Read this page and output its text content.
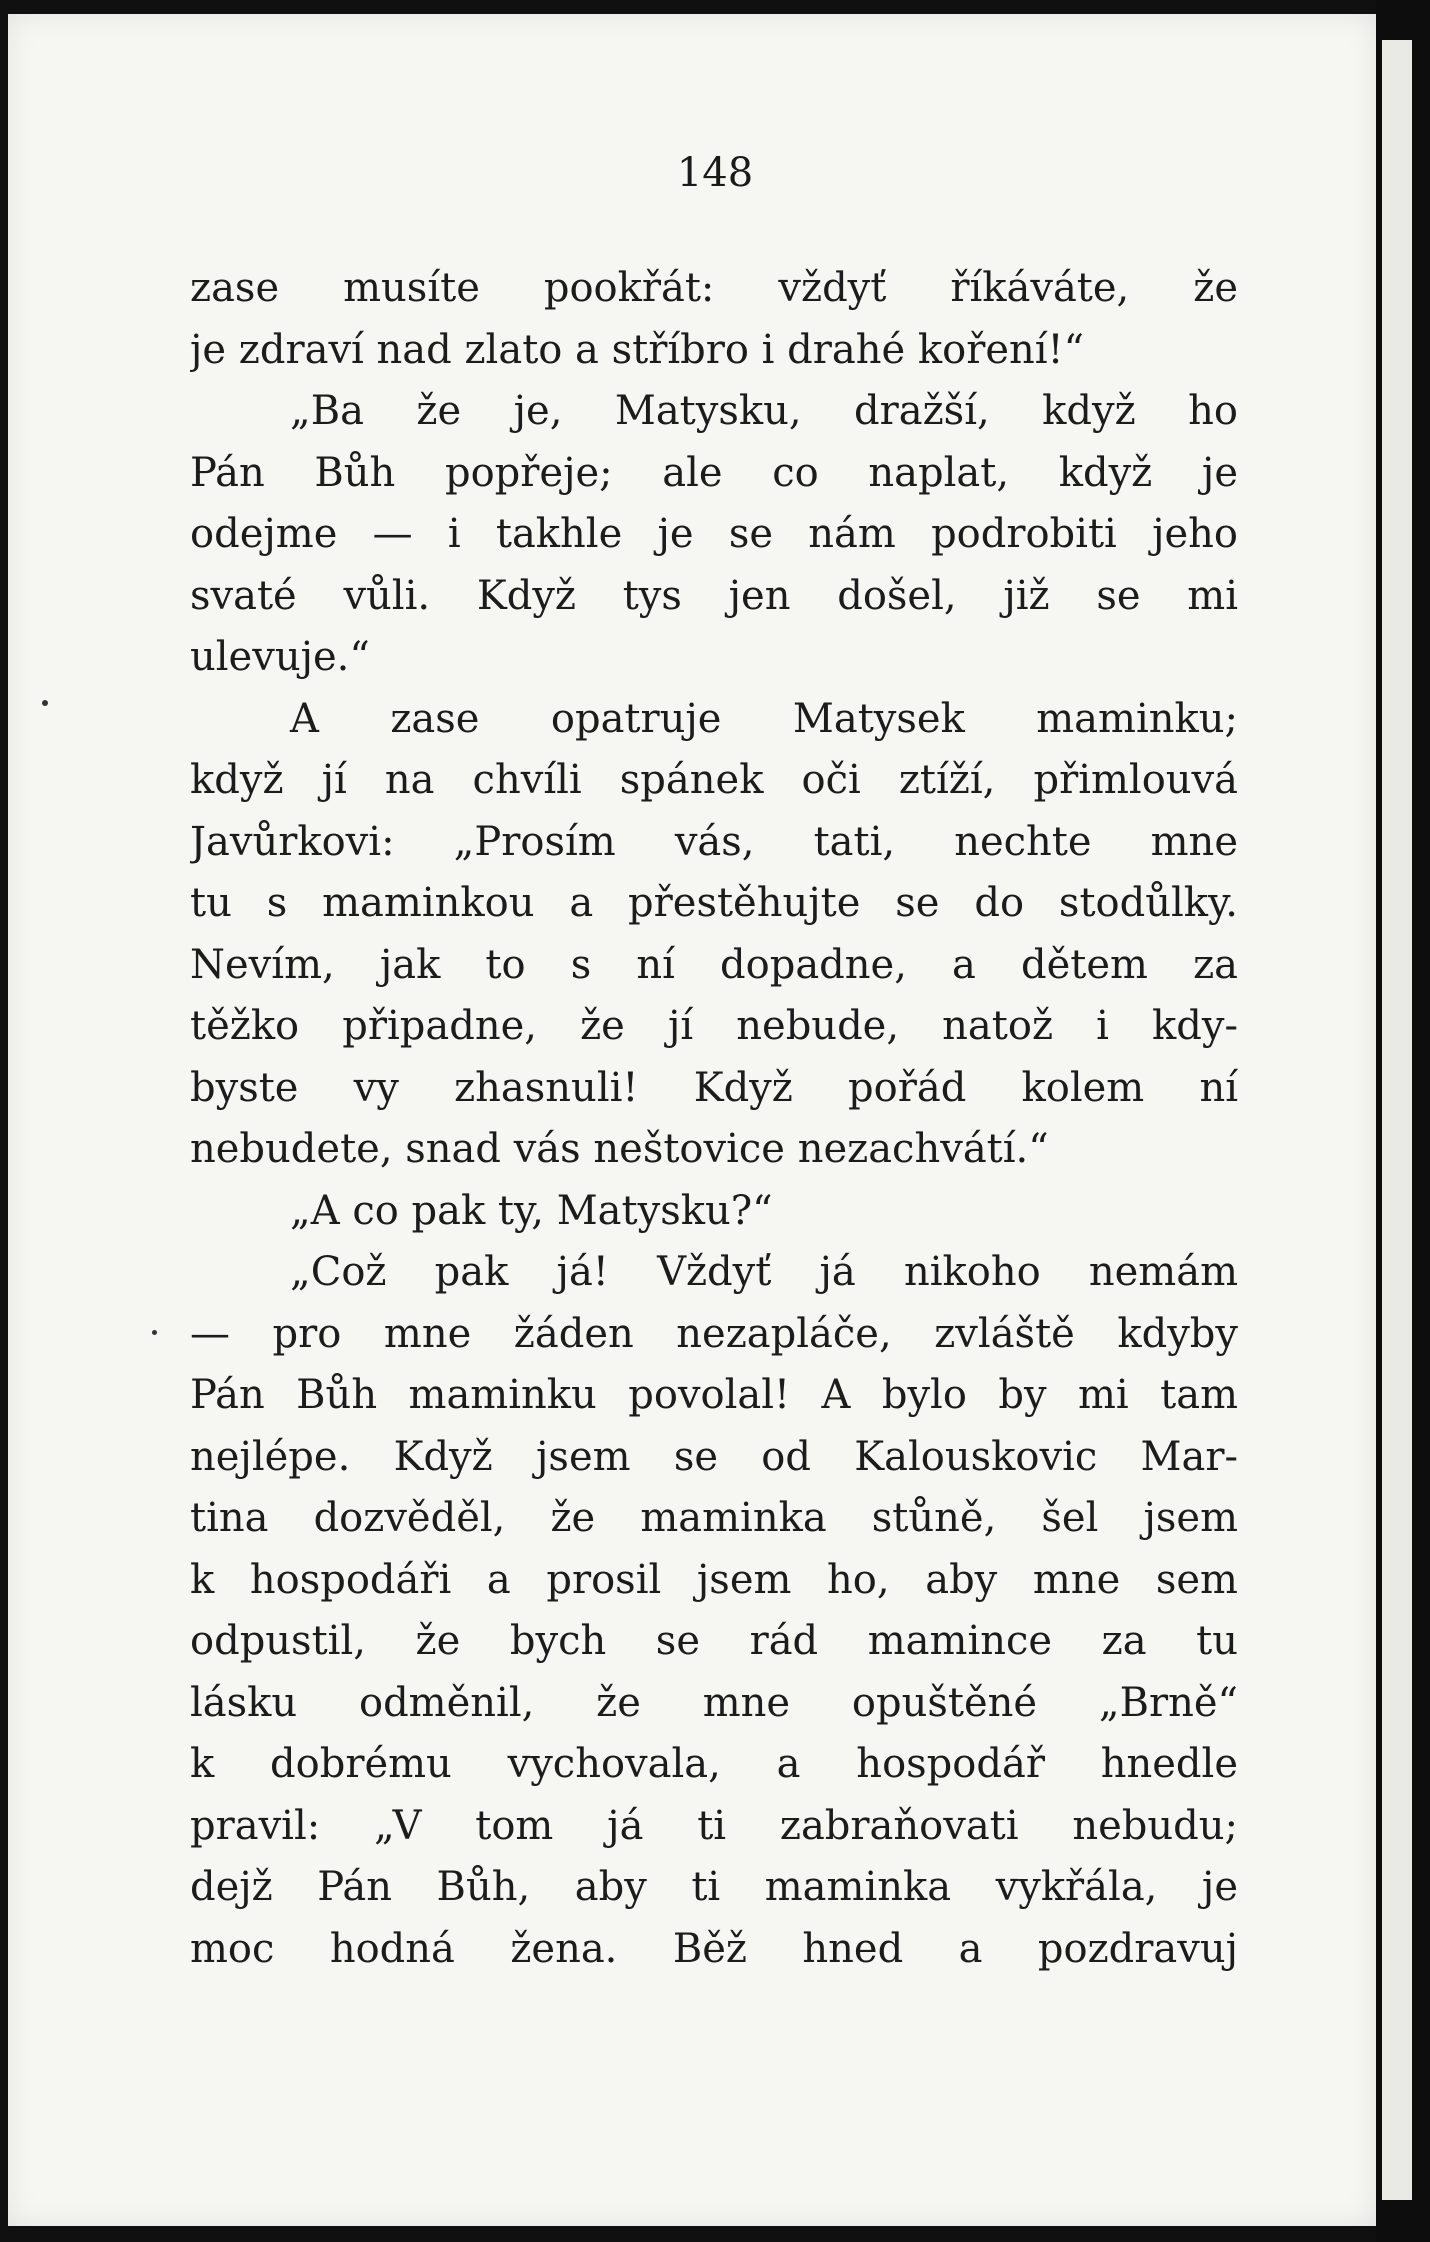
148
zase musíte pookřát: vždyť říkáváte, že
je zdraví nad zlato a stříbro i drahé koření!“
„Ba že je, Matysku, dražší, když ho
Pán Bůh popřeje; ale co naplat, když je
odejme — i takhle je se nám podrobiti jeho
svaté vůli. Když tys jen došel, již se mi
ulevuje.“
A zase opatruje Matysek maminku;
když jí na chvíli spánek oči ztíží, přimlouvá
Javůrkovi: „Prosím vás, tati, nechte mne
tu s maminkou a přestěhujte se do stodůlky.
Nevím, jak to s ní dopadne, a dětem za
těžko připadne, že jí nebude, natož i kdy-
byste vy zhasnuli! Když pořád kolem ní
nebudete, snad vás neštovice nezachvátí.“
„A co pak ty, Matysku?“
„Což pak já! Vždyť já nikoho nemám
— pro mne žáden nezapláče, zvláště kdyby
Pán Bůh maminku povolal! A bylo by mi tam
nejlépe. Když jsem se od Kalouskovic Mar-
tina dozvěděl, že maminka stůně, šel jsem
k hospodáři a prosil jsem ho, aby mne sem
odpustil, že bych se rád mamince za tu
lásku odměnil, že mne opuštěné „Brně“
k dobrému vychovala, a hospodář hnedle
pravil: „V tom já ti zabraňovati nebudu;
dejž Pán Bůh, aby ti maminka vykřála, je
moc hodná žena. Běž hned a pozdravuj
